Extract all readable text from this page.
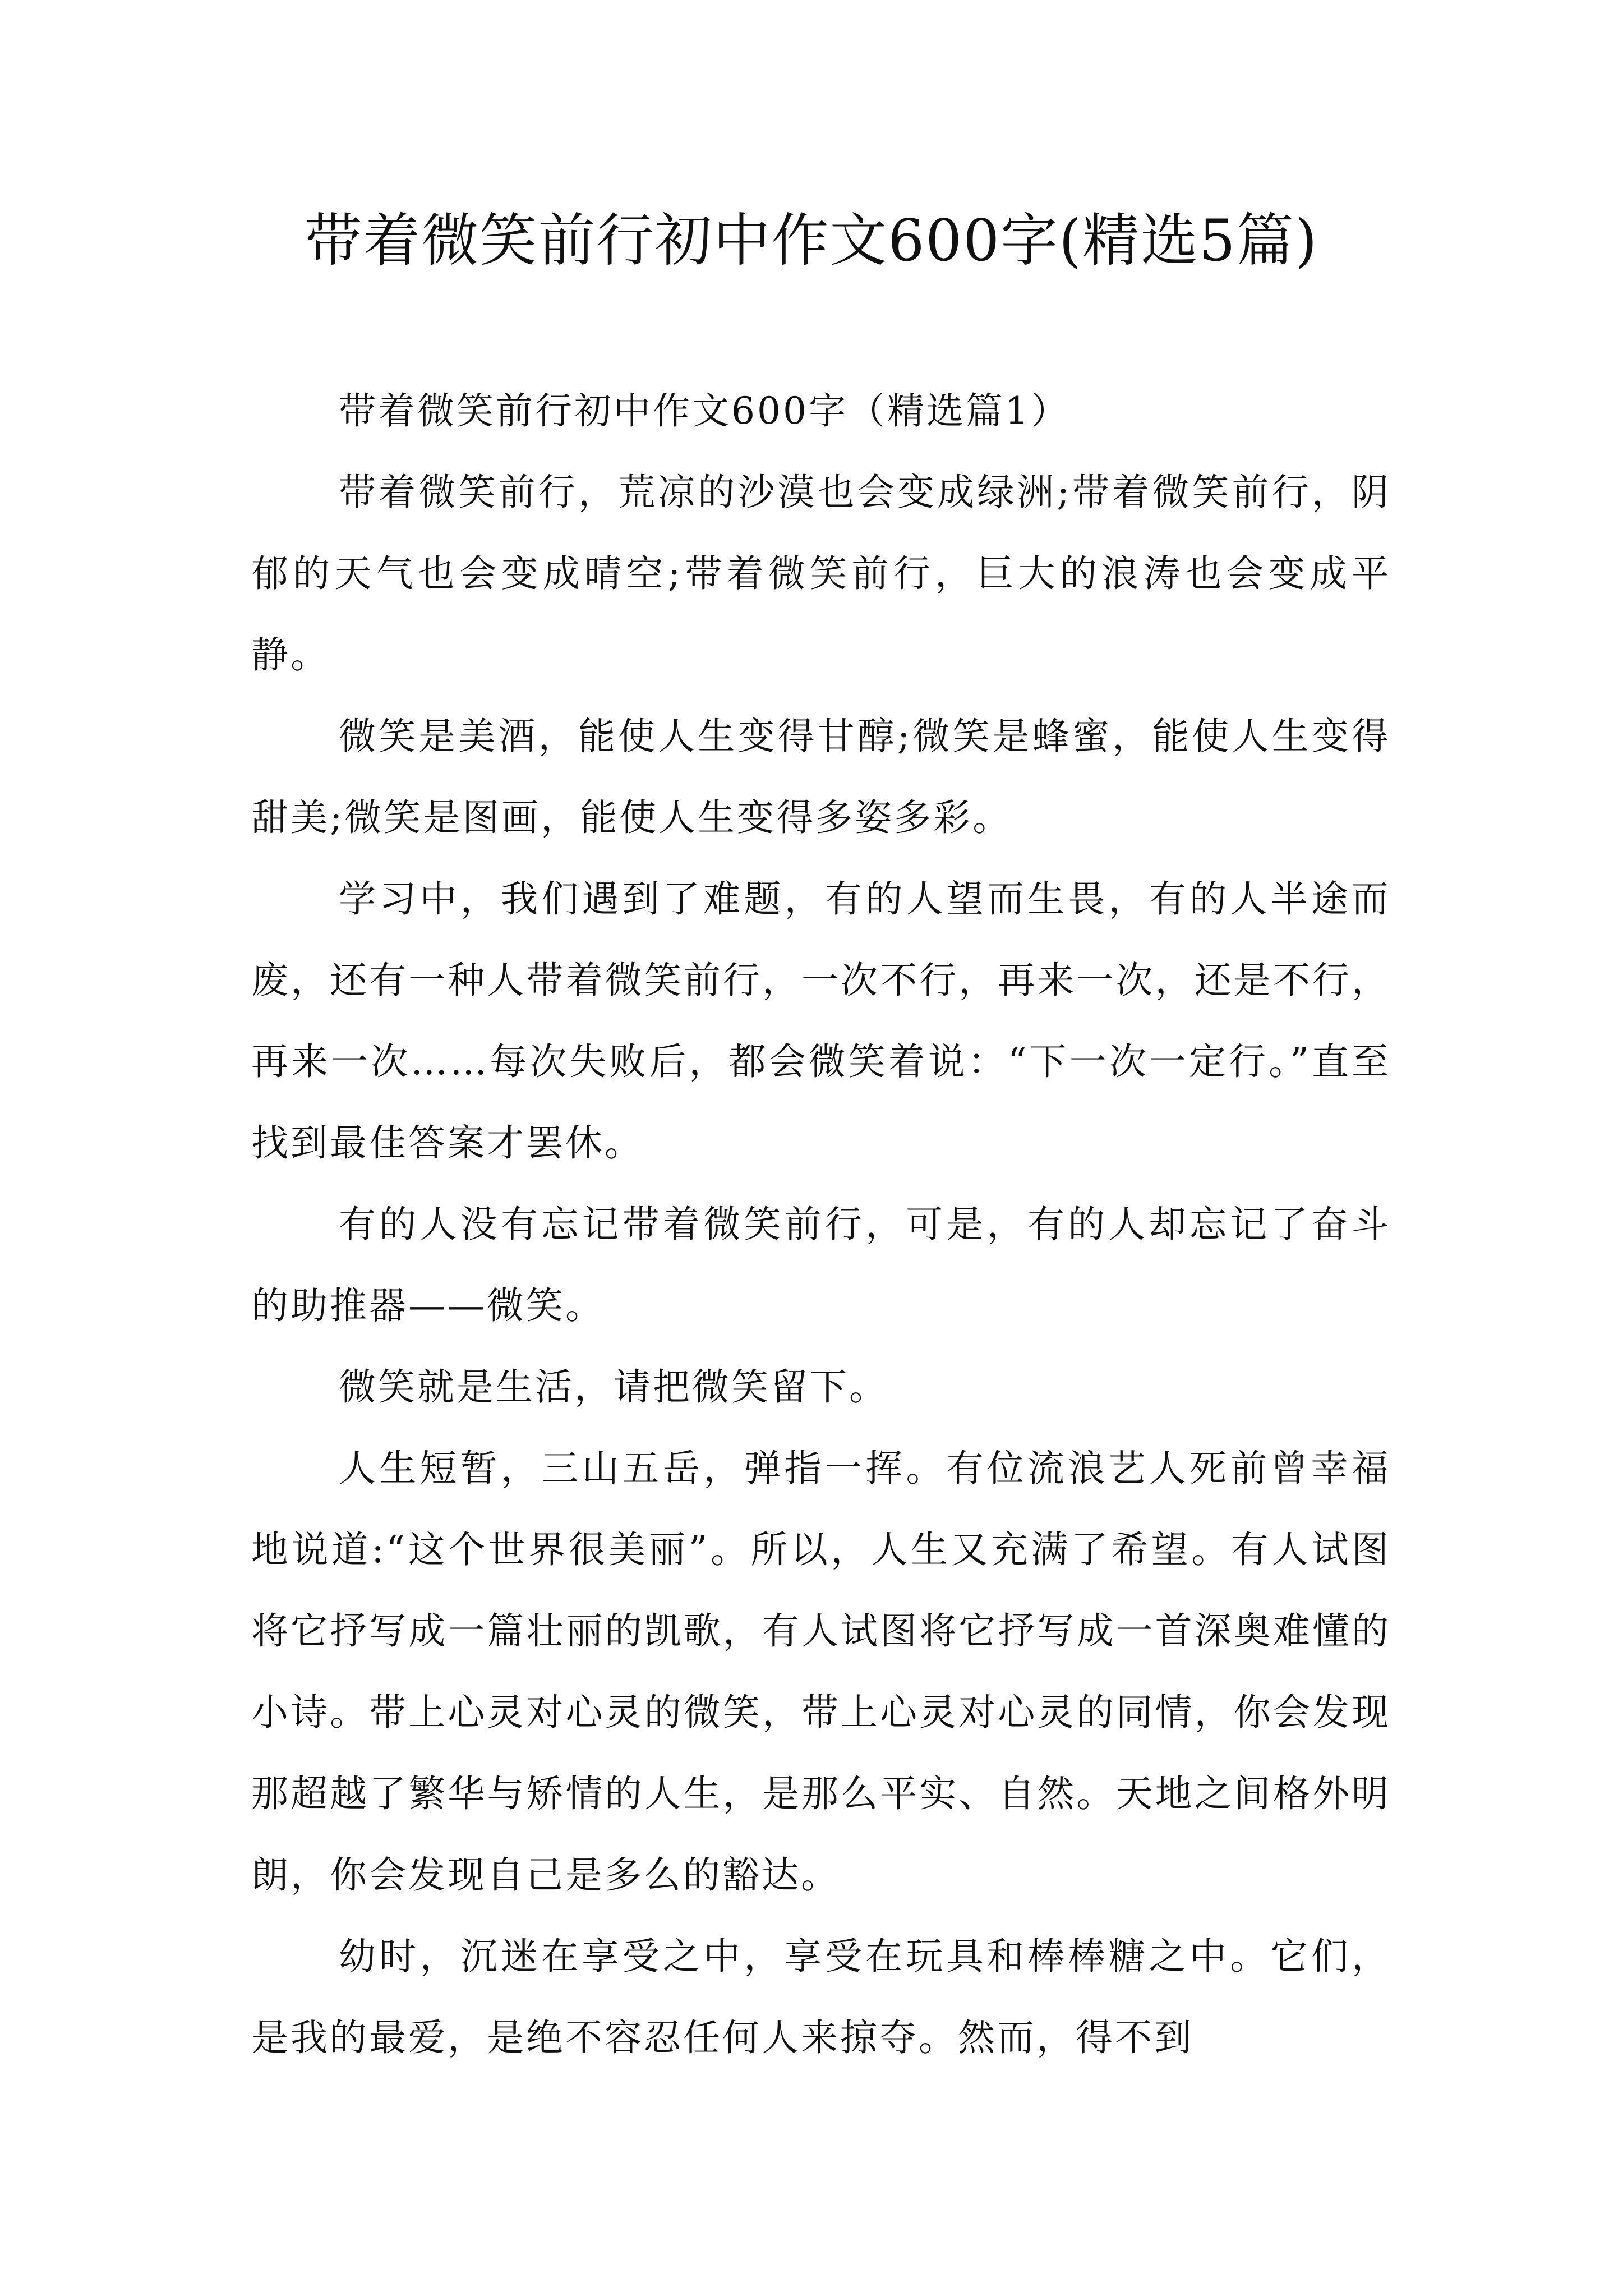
带着微笑前行初中作文600字(精选5篇)

带着微笑前行初中作文600字（精选篇1）

带着微笑前行，荒凉的沙漠也会变成绿洲;带着微笑前行，阴郁的天气也会变成晴空;带着微笑前行，巨大的浪涛也会变成平静。

微笑是美酒，能使人生变得甘醇;微笑是蜂蜜，能使人生变得甜美;微笑是图画，能使人生变得多姿多彩。

学习中，我们遇到了难题，有的人望而生畏，有的人半途而废，还有一种人带着微笑前行，一次不行，再来一次，还是不行，再来一次……每次失败后，都会微笑着说：“下一次一定行。”直至找到最佳答案才罢休。

有的人没有忘记带着微笑前行，可是，有的人却忘记了奋斗的助推器——微笑。

微笑就是生活，请把微笑留下。

人生短暂，三山五岳，弹指一挥。有位流浪艺人死前曾幸福地说道:“这个世界很美丽”。所以，人生又充满了希望。有人试图将它抒写成一篇壮丽的凯歌，有人试图将它抒写成一首深奥难懂的小诗。带上心灵对心灵的微笑，带上心灵对心灵的同情，你会发现那超越了繁华与矫情的人生，是那么平实、自然。天地之间格外明朗，你会发现自己是多么的豁达。

幼时，沉迷在享受之中，享受在玩具和棒棒糖之中。它们，是我的最爱，是绝不容忍任何人来掠夺。然而，得不到
